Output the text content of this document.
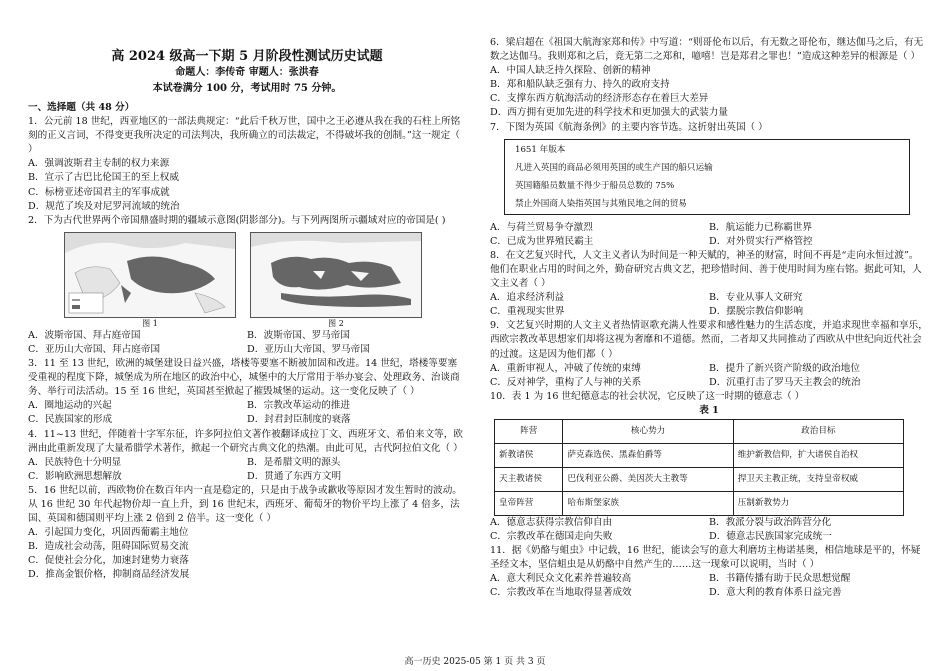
高 2024 级高一下期 5 月阶段性测试历史试题

命题人：李传奇 审题人：张洪春

本试卷满分 100 分，考试用时 75 分钟。

一、选择题（共 48 分）

1．公元前 18 世纪，西亚地区的一部法典规定：“此后千秋万世，国中之王必遵从我在我的石柱上所铭刻的正义言词，不得变更我所决定的司法判决，我所确立的司法裁定，不得破坏我的创制。”这一规定（ ）

A．强调波斯君主专制的权力来源

B．宣示了古巴比伦国王的至上权威

C．标榜亚述帝国君主的军事成就

D．规范了埃及对尼罗河流域的统治

2．下为古代世界两个帝国鼎盛时期的疆域示意图(阴影部分)。与下列两图所示疆域对应的帝国是( )

图 1	图 2
A．波斯帝国、拜占庭帝国	B．波斯帝国、罗马帝国
C．亚历山大帝国、拜占庭帝国	D．亚历山大帝国、罗马帝国

3．11 至 13 世纪，欧洲的城堡建设日益兴盛，塔楼等要塞不断被加固和改进。14 世纪，塔楼等要塞受重视的程度下降，城堡成为所在地区的政治中心，城堡中的大厅常用于举办宴会、处理政务、治谈商务、举行司法活动。15 至 16 世纪，英国甚至掀起了摧毁城堡的运动。这一变化反映了（ ）

A．圈地运动的兴起	B．宗教改革运动的推进
C．民族国家的形成	D．封君封臣制度的衰落

4．11~13 世纪，伴随着十字军东征，许多阿拉伯文著作被翻译成拉丁文、西班牙文、希伯来文等，欧洲由此重新发现了大量希腊学术著作，掀起一个研究古典文化的热潮。由此可见，古代阿拉伯文化（ ）

A．民族特色十分明显	B．是希腊文明的源头
C．影响欧洲思想解放	D．贯通了东西方文明

5．16 世纪以前，西欧物价在数百年内一直是稳定的，只是由于战争或歉收等原因才发生暂时的波动。从 16 世纪 30 年代起物价却一直上升，到 16 世纪末，西班牙、葡萄牙的物价平均上涨了 4 倍多，法国、英国和德国则平均上涨 2 倍到 2 倍半。这一变化（ ）

A．引起国力变化，巩固西葡霸主地位

B．造成社会动荡，阻碍国际贸易交流

C．促使社会分化，加速封建势力衰落

D．推高金银价格，抑制商品经济发展

6．梁启超在《祖国大航海家郑和传》中写道：“则哥伦布以后，有无数之哥伦布，继达伽马之后，有无数之达伽马。我则郑和之后，竟无第二之郑和，噫嘻！岂是郑君之罪也！”造成这种差异的根源是（ ）

A．中国人缺乏持久探险、创新的精神

B．郑和船队缺乏强有力、持久的政府支持

C．支撑东西方航海活动的经济形态存在着巨大差异

D．西方拥有更加先进的科学技术和更加强大的武装力量

7．下图为英国《航海条例》的主要内容节选。这折射出英国（ ）

1651 年版本

凡进入英国的商品必须用英国的或生产国的船只运输

英国籍船员数量不得少于船员总数的 75%

禁止外国商人染指英国与其殖民地之间的贸易

A．与荷兰贸易争夺激烈	B．航运能力已称霸世界
C．已成为世界殖民霸主	D．对外贸实行严格管控

8．在文艺复兴时代，人文主义者认为时间是一种天赋的，神圣的财富，时间不再是“走向永恒过渡”。他们在职业占用的时间之外，勤奋研究古典文艺，把珍惜时间、善于使用时间为座右铭。据此可知，人文主义者（ ）

A．追求经济利益	B．专业从事人文研究
C．重视现实世界	D．摆脱宗教信仰影响

9．文艺复兴时期的人文主义者热情讴歌充满人性要求和感性魅力的生活态度，并追求现世幸福和享乐，西欧宗教改革思想家们却将这视为奢靡和不道德。然而，二者却又共同推动了西欧从中世纪向近代社会的过渡。这是因为他们都（ ）

A．重新审视人，冲破了传统的束缚	B．提升了新兴资产阶级的政治地位
C．反对神学，重构了人与神的关系	D．沉重打击了罗马天主教会的统治

10．表 1 为 16 世纪德意志的社会状况，它反映了这一时期的德意志（ ）

表 1

阵营	核心势力	政治目标
新教诸侯	萨克森选侯、黑森伯爵等	维护新教信仰，扩大诸侯自治权
天主教诸侯	巴伐利亚公爵、美因茨大主教等	捍卫天主教正统，支持皇帝权威
皇帝阵营	哈布斯堡家族	压制新教势力
A．德意志获得宗教信仰自由	B．教派分裂与政治阵营分化
C．宗教改革在德国走向失败	D．德意志民族国家完成统一

11．据《奶酪与蛆虫》中记载，16 世纪，能读会写的意大利磨坊主梅诺基奥，相信地球是平的，怀疑圣经文本，坚信蛆虫是从奶酪中自然产生的……这一现象可以说明，当时（ ）

A．意大利民众文化素养普遍较高	B．书籍传播有助于民众思想觉醒
C．宗教改革在当地取得显著成效	D．意大利的教育体系日益完善
高一历史 2025-05 第 1 页 共 3 页
